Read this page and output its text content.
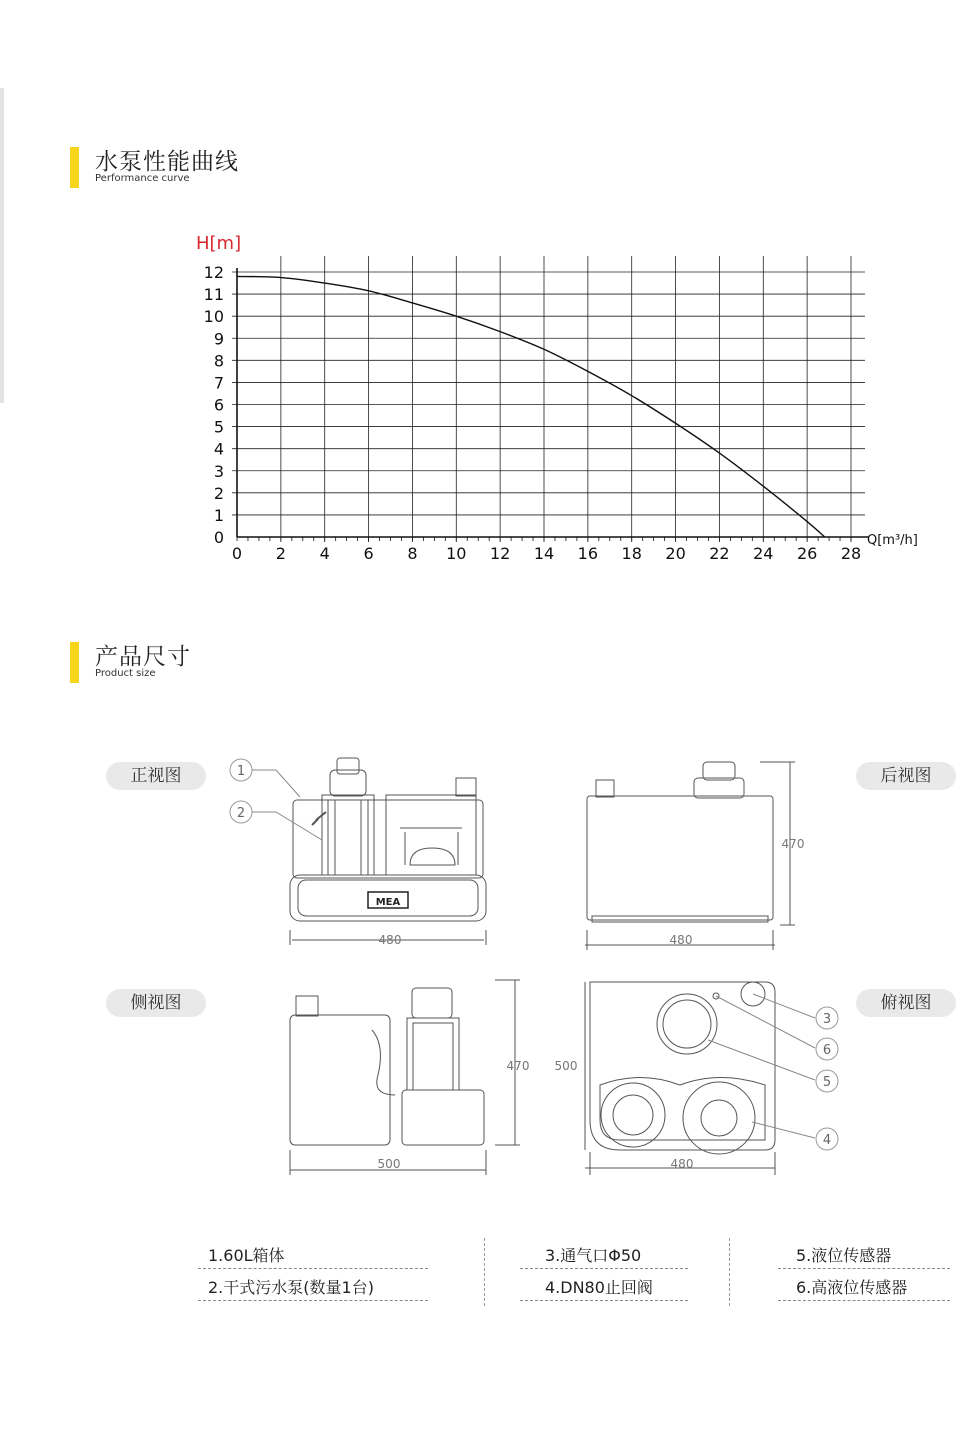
水泵性能曲线
Performance curve
0
1
2
3
4
5
6
7
8
9
10
11
12
0 2 4 6 8 10 12 14 16 18 20 22 24 26 28
H[m]
Q[m³/h]
产品尺寸
Product size
正视图	后视图
侧视图	俯视图
1
2
3
4
5
6
MEA
480	480
470
500
470
480
500
1.60L箱体
2.干式污水泵(数量1台)
3.通气口Φ50
4.DN80止回阀
5.液位传感器
6.高液位传感器
